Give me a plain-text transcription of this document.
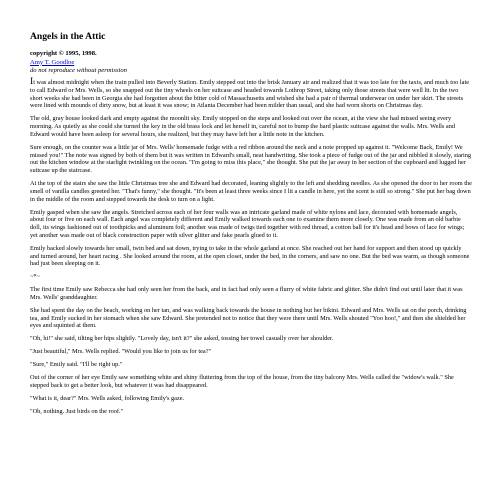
Angels in the Attic
copyright © 1995, 1998.
Amy T. Goodloe
do not reproduce without permission

It was almost midnight when the train pulled into Beverly Station. Emily stepped out into the brisk January air and realized that it was too late for the taxis, and much too late to call Edward or Mrs. Wells, so she snapped out the tiny wheels on her suitcase and headed towards Lothrop Street, taking only those streets that were well lit. In the two short weeks she had been in Georgia she had forgotten about the bitter cold of Massachusetts and wished she had a pair of thermal underwear on under her skirt. The streets were lined with mounds of dirty snow, but at least it was snow; in Atlanta December had been milder than usual, and she had worn shorts on Christmas day.

The old, gray house looked dark and empty against the moonlit sky. Emily stopped on the steps and looked out over the ocean, at the view she had missed seeing every morning. As quietly as she could she turned the key in the old brass lock and let herself in, careful not to bump the hard plastic suitcase against the walls. Mrs. Wells and Edward would have been asleep for several hours, she realized, but they may have left her a little note in the kitchen.

Sure enough, on the counter was a little jar of Mrs. Wells' homemade fudge with a red ribbon around the neck and a note propped up against it. "Welcome Back, Emily! We missed you!" The note was signed by both of them but it was written in Edward's small, neat handwriting. She took a piece of fudge out of the jar and nibbled it slowly, staring out the kitchen window at the starlight twinkling on the ocean. "I'm going to miss this place," she thought. She put the jar away in her section of the cupboard and lugged her suitcase up the staircase.

At the top of the stairs she saw the little Christmas tree she and Edward had decorated, leaning slightly to the left and shedding needles. As she opened the door to her room the smell of vanilla candles greeted her. "That's funny," she thought. "It's been at least three weeks since I lit a candle in here, yet the scent is still so strong." She put her bag down in the middle of the room and stepped towards the desk to turn on a light.

Emily gasped when she saw the angels. Stretched across each of her four walls was an intricate garland made of white nylons and lace, decorated with homemade angels, about four or five on each wall. Each angel was completely different and Emily walked towards each one to examine them more closely. One was made from an old barbie doll, its wings fashioned out of toothpicks and aluminum foil; another was made of twigs tied together with red thread, a cotton ball for it's head and bows of lace for wings; yet another was made out of black construction paper with silver glitter and fake pearls glued to it.

Emily backed slowly towards her small, twin bed and sat down, trying to take in the whole garland at once. She reached out her hand for support and then stood up quickly and turned around, her heart racing . She looked around the room, at the open closet, under the bed, in the corners, and saw no one. But the bed was warm, as though someone had just been sleeping on it.

~*~

The first time Emily saw Rebecca she had only seen her from the back, and in fact had only seen a flurry of white fabric and glitter. She didn't find out until later that it was Mrs. Wells' granddaughter.

She had spent the day on the beach, working on her tan, and was walking back towards the house in nothing but her bikini. Edward and Mrs. Wells sat on the porch, drinking tea, and Emily sucked in her stomach when she saw Edward. She pretended not to notice that they were there until Mrs. Wells shouted "Yoo hoo!," and then she shielded her eyes and squinted at them.

"Oh, hi!" she said, tilting her hips slightly. "Lovely day, isn't it?" she asked, tossing her towel casually over her shoulder.

"Just beautiful," Mrs. Wells replied. "Would you like to join us for tea?"

"Sure," Emily said. "I'll be right up."

Out of the corner of her eye Emily saw something white and shiny fluttering from the top of the house, from the tiny balcony Mrs. Wells called the "widow's walk." She stepped back to get a better look, but whatever it was had disappeared.

"What is it, dear?" Mrs. Wells asked, following Emily's gaze.

"Oh, nothing. Just birds on the roof."
